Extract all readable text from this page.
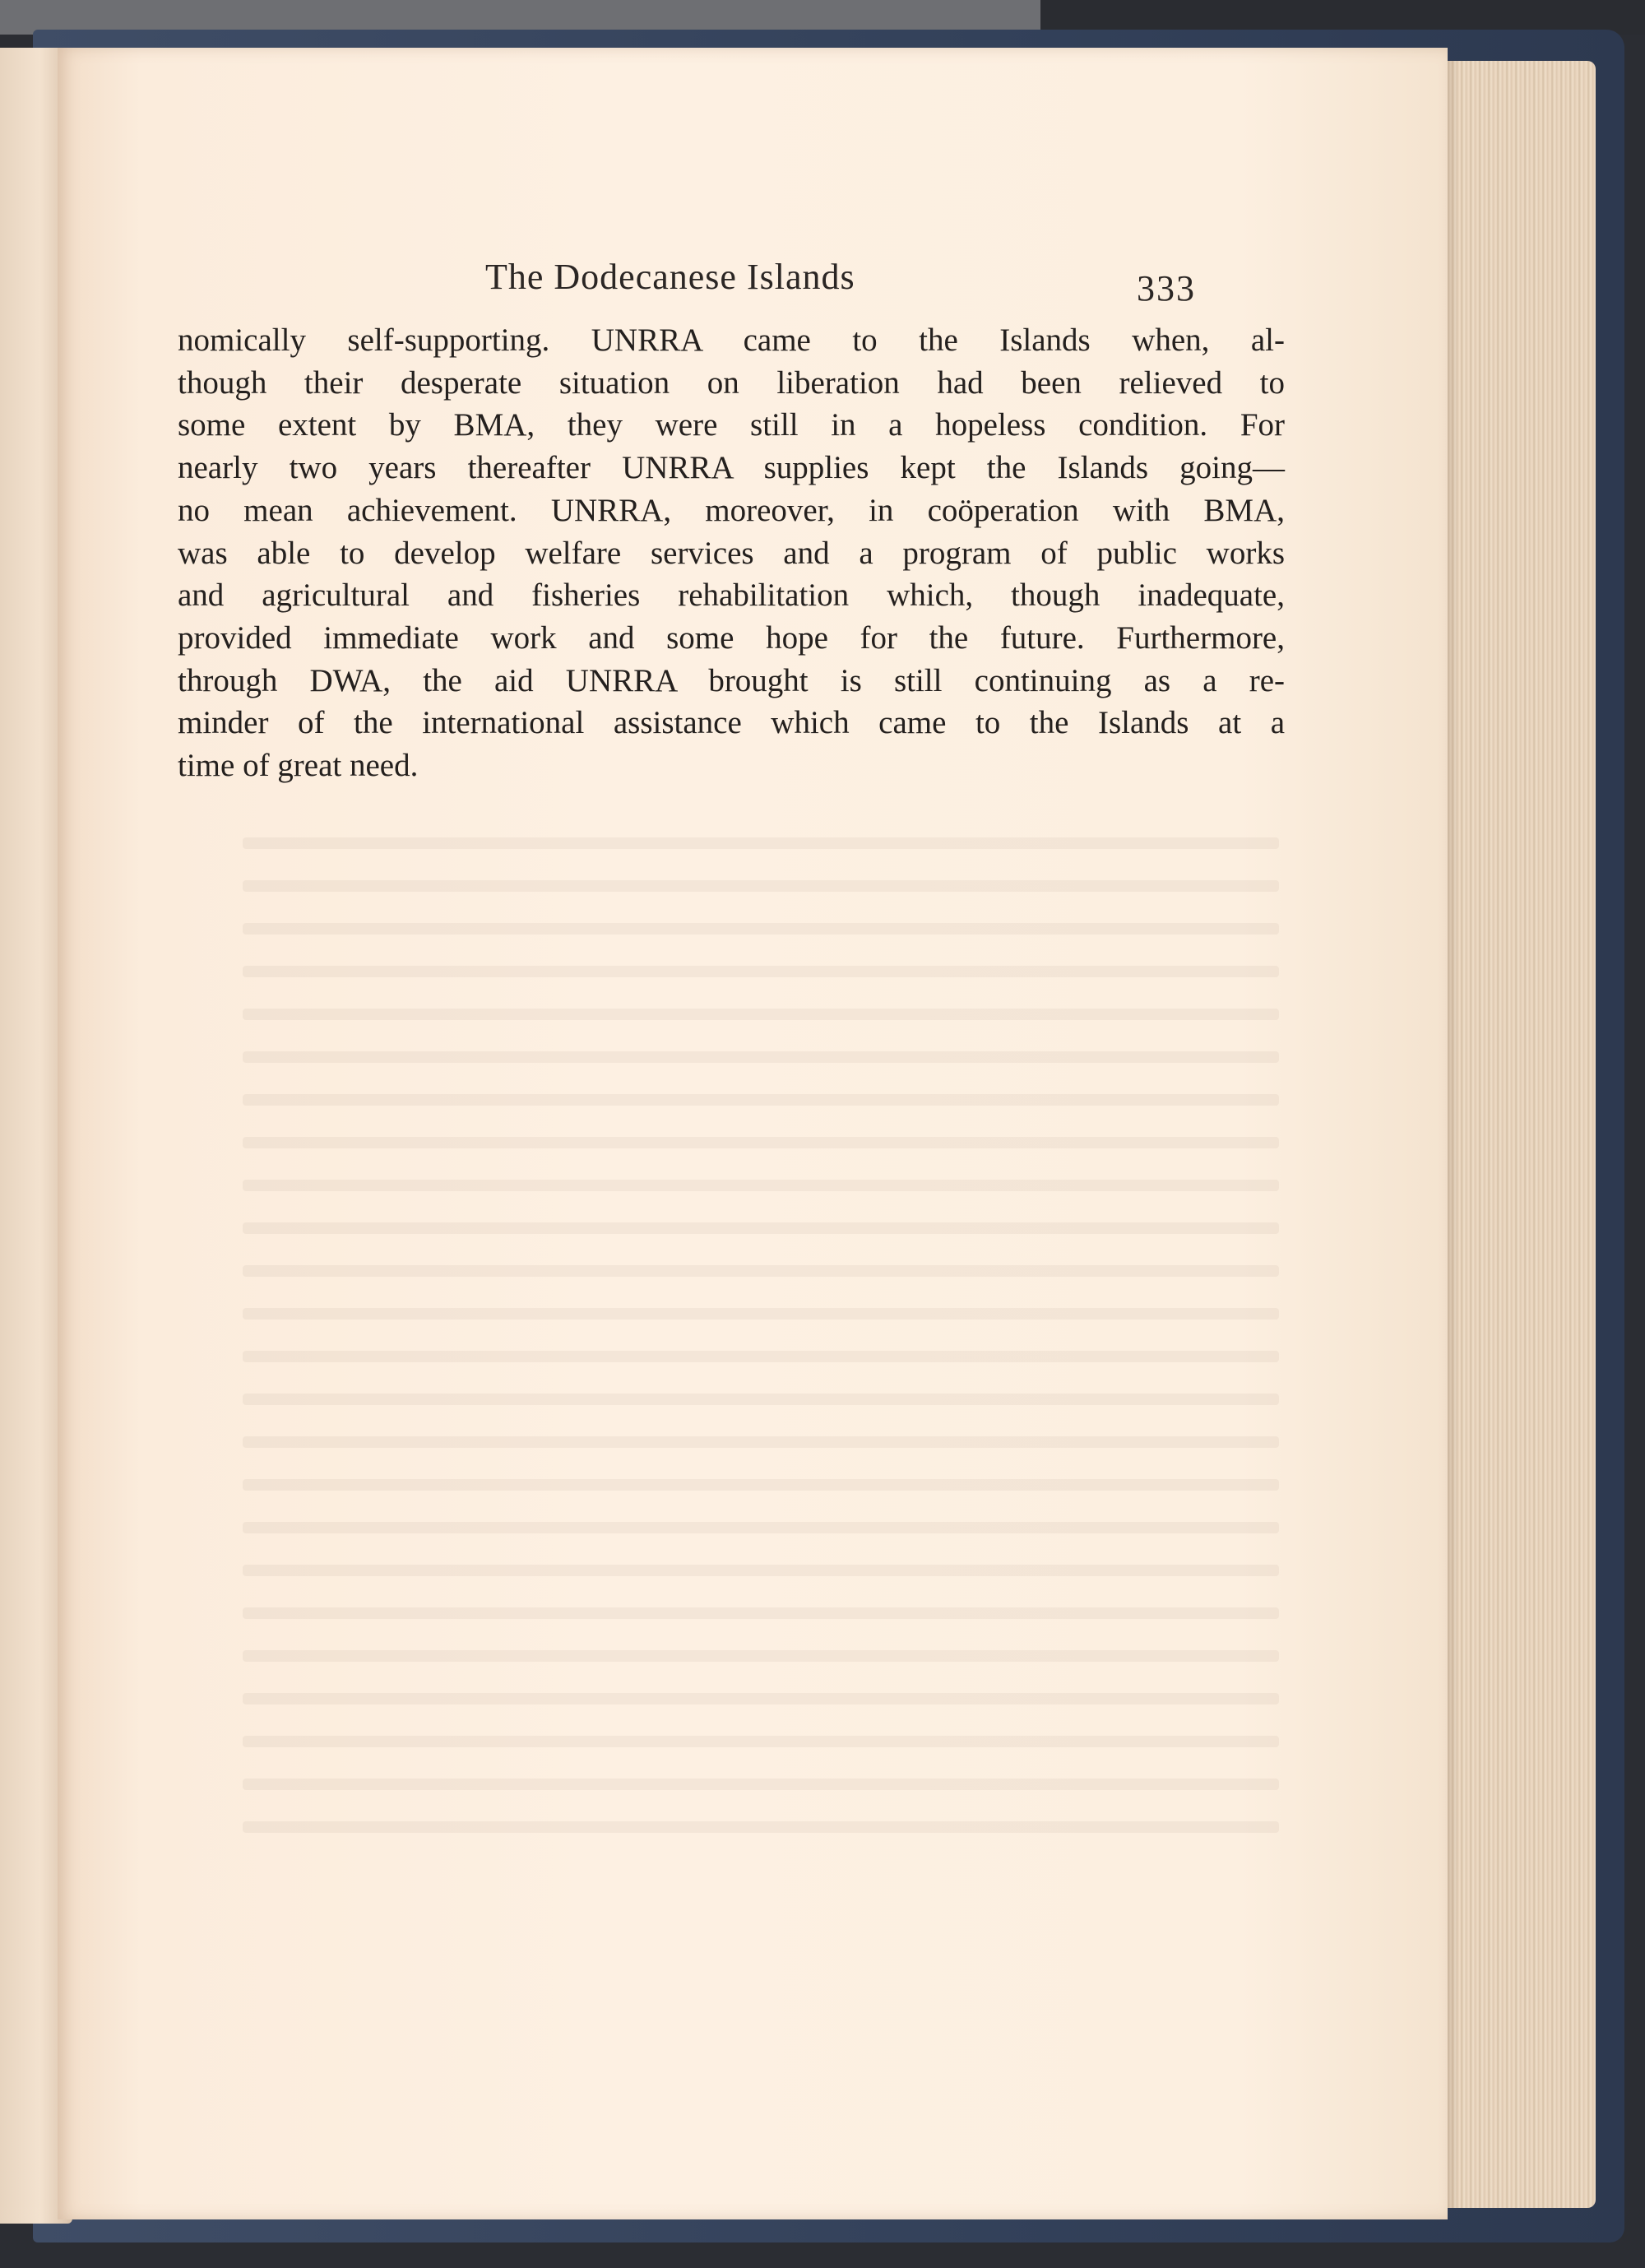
The Dodecanese Islands	333
nomically self-supporting. UNRRA came to the Islands when, al-
though their desperate situation on liberation had been relieved to
some extent by BMA, they were still in a hopeless condition. For
nearly two years thereafter UNRRA supplies kept the Islands going—
no mean achievement. UNRRA, moreover, in coöperation with BMA,
was able to develop welfare services and a program of public works
and agricultural and fisheries rehabilitation which, though inadequate,
provided immediate work and some hope for the future. Furthermore,
through DWA, the aid UNRRA brought is still continuing as a re-
minder of the international assistance which came to the Islands at a
time of great need.
